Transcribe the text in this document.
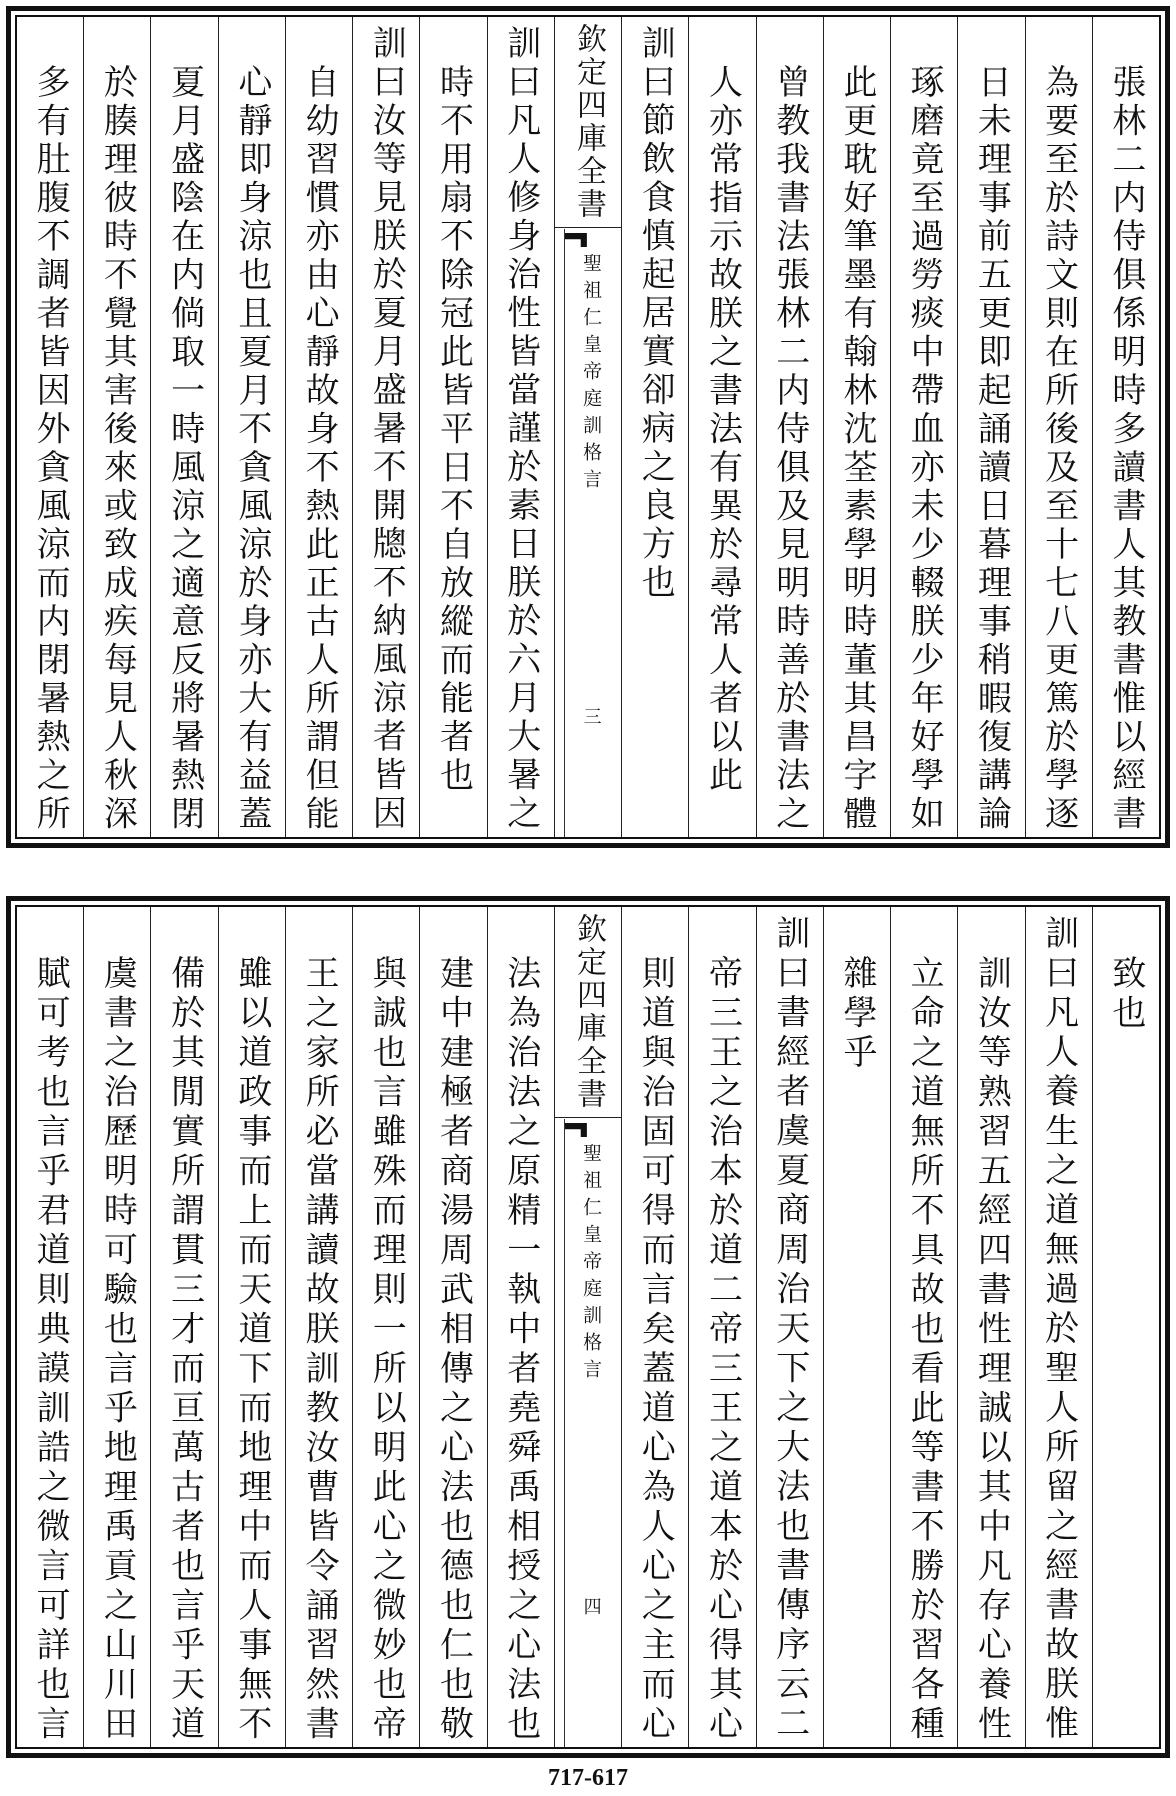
張林二内侍俱係明時多讀書人其教書惟以經書
為要至於詩文則在所後及至十七八更篤於學逐
日未理事前五更即起誦讀日暮理事稍暇復講論
琢磨竟至過勞痰中帶血亦未少輟朕少年好學如
此更耽好筆墨有翰林沈荃素學明時董其昌字體
曾教我書法張林二内侍俱及見明時善於書法之
人亦常指示故朕之書法有異於尋常人者以此
訓曰節飲食慎起居實卻病之良方也
欽定四庫全書
聖祖仁皇帝庭訓格言
三
訓曰凡人修身治性皆當謹於素日朕於六月大暑之
時不用扇不除冠此皆平日不自放縱而能者也
訓曰汝等見朕於夏月盛暑不開牕不納風涼者皆因
自幼習慣亦由心靜故身不熱此正古人所謂但能
心靜即身涼也且夏月不貪風涼於身亦大有益蓋
夏月盛陰在内倘取一時風涼之適意反將暑熱閉
於腠理彼時不覺其害後來或致成疾每見人秋深
多有肚腹不調者皆因外貪風涼而内閉暑熱之所
致也
訓曰凡人養生之道無過於聖人所留之經書故朕惟
訓汝等熟習五經四書性理誠以其中凡存心養性
立命之道無所不具故也看此等書不勝於習各種
雜學乎
訓曰書經者虞夏商周治天下之大法也書傳序云二
帝三王之治本於道二帝三王之道本於心得其心
則道與治固可得而言矣蓋道心為人心之主而心
欽定四庫全書
聖祖仁皇帝庭訓格言
四
法為治法之原精一執中者堯舜禹相授之心法也
建中建極者商湯周武相傳之心法也德也仁也敬
與誠也言雖殊而理則一所以明此心之微妙也帝
王之家所必當講讀故朕訓教汝曹皆令誦習然書
雖以道政事而上而天道下而地理中而人事無不
備於其閒實所謂貫三才而亘萬古者也言乎天道
虞書之治歷明時可驗也言乎地理禹貢之山川田
賦可考也言乎君道則典謨訓誥之微言可詳也言
717-617
